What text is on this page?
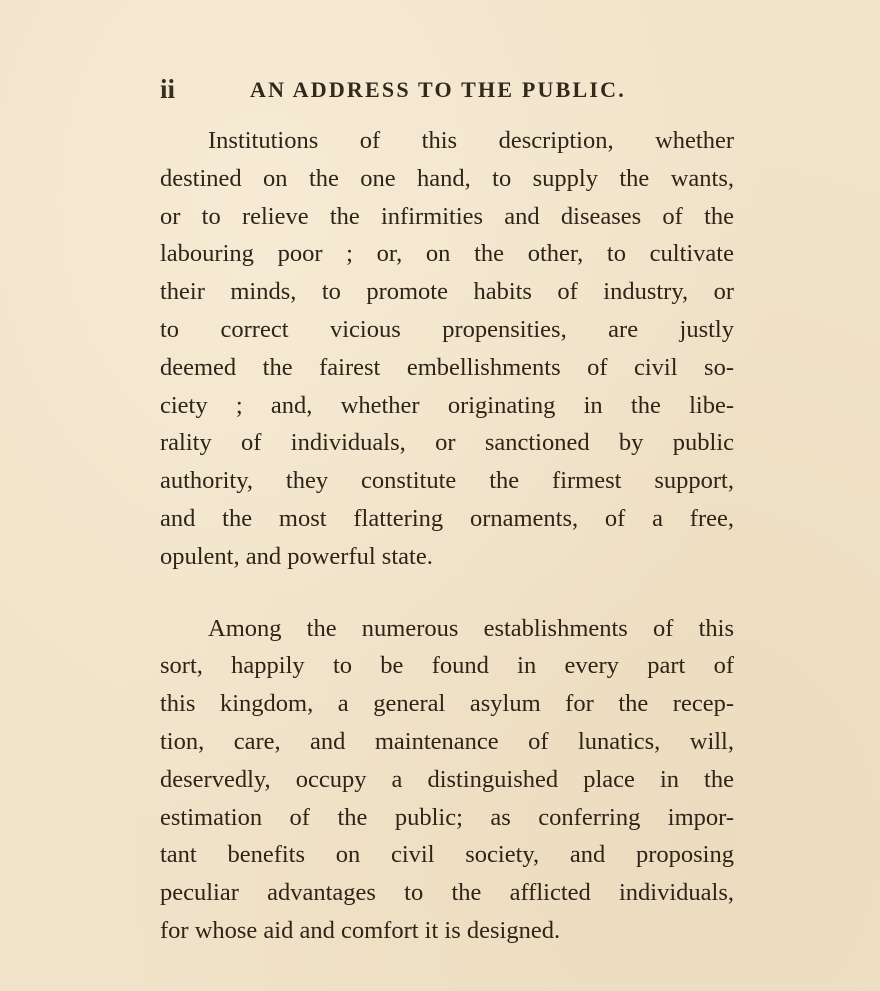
ii	AN ADDRESS TO THE PUBLIC.
Institutions of this description, whether
destined on the one hand, to supply the wants,
or to relieve the infirmities and diseases of the
labouring poor ; or, on the other, to cultivate
their minds, to promote habits of industry, or
to correct vicious propensities, are justly
deemed the fairest embellishments of civil so-
ciety ; and, whether originating in the libe-
rality of individuals, or sanctioned by public
authority, they constitute the firmest support,
and the most flattering ornaments, of a free,
opulent, and powerful state.
Among the numerous establishments of this
sort, happily to be found in every part of
this kingdom, a general asylum for the recep-
tion, care, and maintenance of lunatics, will,
deservedly, occupy a distinguished place in the
estimation of the public; as conferring impor-
tant benefits on civil society, and proposing
peculiar advantages to the afflicted individuals,
for whose aid and comfort it is designed.
